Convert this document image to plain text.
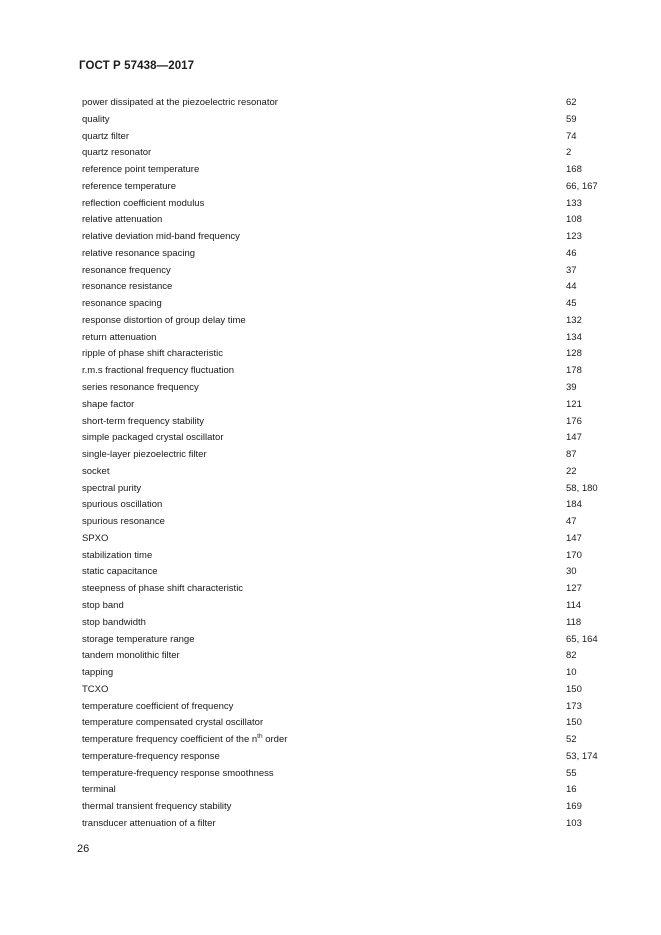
ГОСТ Р 57438—2017
power dissipated at the piezoelectric resonator	62
quality	59
quartz filter	74
quartz resonator	2
reference point temperature	168
reference temperature	66, 167
reflection coefficient modulus	133
relative attenuation	108
relative deviation mid-band frequency	123
relative resonance spacing	46
resonance frequency	37
resonance resistance	44
resonance spacing	45
response distortion of group delay time	132
return attenuation	134
ripple of phase shift characteristic	128
r.m.s fractional frequency fluctuation	178
series resonance frequency	39
shape factor	121
short-term frequency stability	176
simple packaged crystal oscillator	147
single-layer piezoelectric filter	87
socket	22
spectral purity	58, 180
spurious oscillation	184
spurious resonance	47
SPXO	147
stabilization time	170
static capacitance	30
steepness of phase shift characteristic	127
stop band	114
stop bandwidth	118
storage temperature range	65, 164
tandem monolithic filter	82
tapping	10
TCXO	150
temperature coefficient of frequency	173
temperature compensated crystal oscillator	150
temperature frequency coefficient of the $n^{th}$ order	52
temperature-frequency response	53, 174
temperature-frequency response smoothness	55
terminal	16
thermal transient frequency stability	169
transducer attenuation of a filter	103
26
